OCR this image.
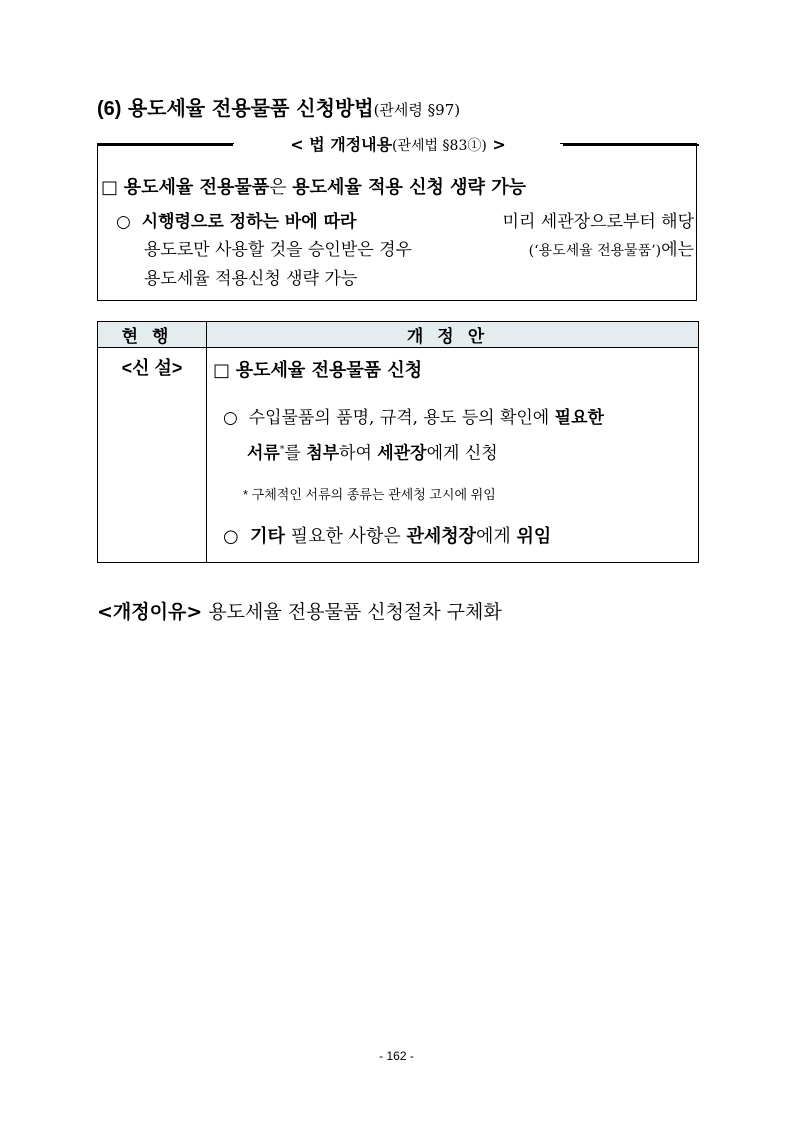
(6) 용도세율 전용물품 신청방법(관세령 §97)
< 법 개정내용(관세법 §83①) >
□ 용도세율 전용물품은 용도세율 적용 신청 생략 가능
○ 시행령으로 정하는 바에 따라	미리 세관장으로부터 해당
용도로만 사용할 것을 승인받은 경우	(‘용도세율 전용물품’)에는
용도세율 적용신청 생략 가능
현행	개정안
<신 설>	□ 용도세율 전용물품 신청
○ 수입물품의 품명, 규격, 용도 등의 확인에 필요한
서류*를 첨부하여 세관장에게 신청
* 구체적인 서류의 종류는 관세청 고시에 위임
○ 기타 필요한 사항은 관세청장에게 위임
<개정이유> 용도세율 전용물품 신청절차 구체화
- 162 -
